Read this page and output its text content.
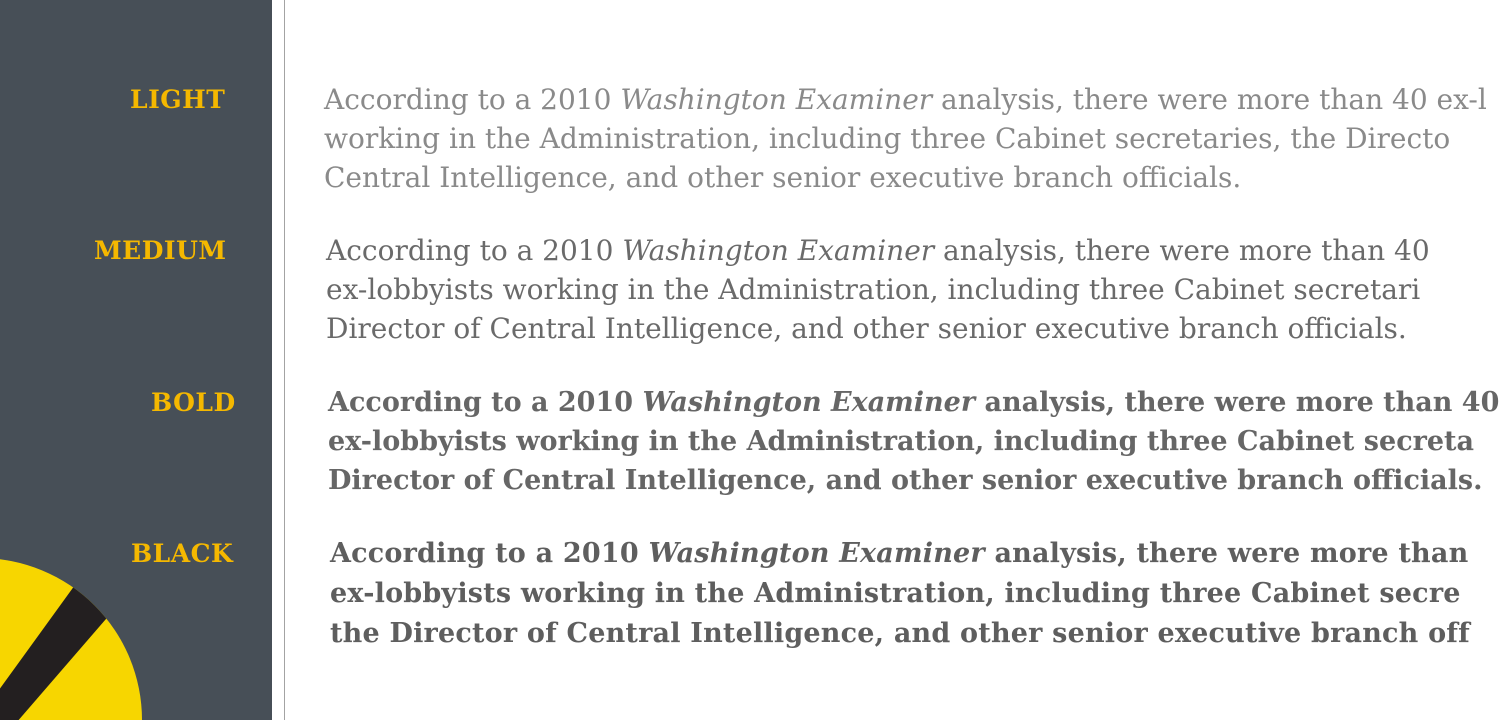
LIGHT
MEDIUM
BOLD
BLACK
According to a 2010 Washington Examiner analysis, there were more than 40 ex-l
working in the Administration, including three Cabinet secretaries, the Directo
Central Intelligence, and other senior executive branch officials.
According to a 2010 Washington Examiner analysis, there were more than 40
ex-lobbyists working in the Administration, including three Cabinet secretari
Director of Central Intelligence, and other senior executive branch officials.
According to a 2010 Washington Examiner analysis, there were more than 40
ex-lobbyists working in the Administration, including three Cabinet secreta
Director of Central Intelligence, and other senior executive branch officials.
According to a 2010 Washington Examiner analysis, there were more than
ex-lobbyists working in the Administration, including three Cabinet secre
the Director of Central Intelligence, and other senior executive branch off
